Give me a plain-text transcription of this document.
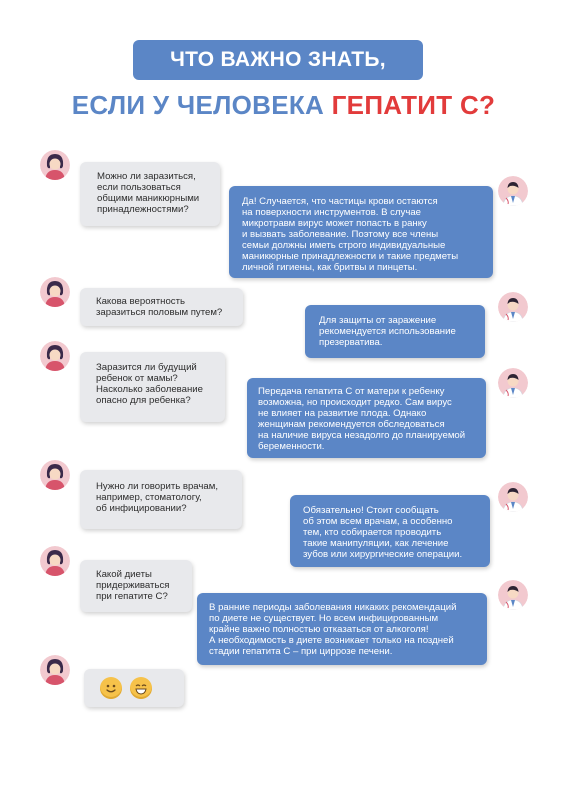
ЧТО ВАЖНО ЗНАТЬ,
ЕСЛИ У ЧЕЛОВЕКА ГЕПАТИТ С?
Можно ли заразиться,
если пользоваться
общими маникюрными
принадлежностями?
Да! Случается, что частицы крови остаются
на поверхности инструментов. В случае
микротравм вирус может попасть в ранку
и вызвать заболевание. Поэтому все члены
семьи должны иметь строго индивидуальные
маникюрные принадлежности и такие предметы
личной гигиены, как бритвы и пинцеты.
Какова вероятность
заразиться половым путем?
Для защиты от заражение
рекомендуется использование
презерватива.
Заразится ли будущий
ребенок от мамы?
Насколько заболевание
опасно для ребенка?
Передача гепатита С от матери к ребенку
возможна, но происходит редко. Сам вирус
не влияет на развитие плода. Однако
женщинам рекомендуется обследоваться
на наличие вируса незадолго до планируемой
беременности.
Нужно ли говорить врачам,
например, стоматологу,
об инфицировании?	Обязательно! Стоит сообщать
об этом всем врачам, а особенно
тем, кто собирается проводить
такие манипуляции, как лечение
зубов или хирургические операции.
Какой диеты
придерживаться
при гепатите С?
В ранние периоды заболевания никаких рекомендаций
по диете не существует. Но всем инфицированным
крайне важно полностью отказаться от алкоголя!
А необходимость в диете возникает только на поздней
стадии гепатита С – при циррозе печени.
